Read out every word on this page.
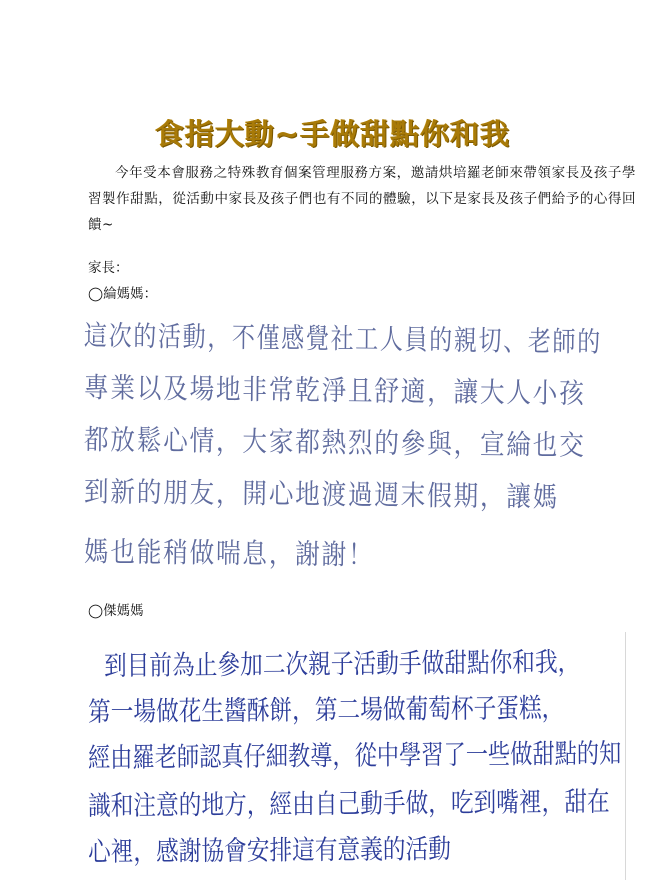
食指大動~手做甜點你和我
今年受本會服務之特殊教育個案管理服務方案，邀請烘培羅老師來帶領家長及孩子學習製作甜點，從活動中家長及孩子們也有不同的體驗，以下是家長及孩子們給予的心得回饋~
家長：
◯綸媽媽：
這次的活動，不僅感覺社工人員的親切、老師的
專業以及場地非常乾淨且舒適，讓大人小孩
都放鬆心情，大家都熱烈的參與，宣綸也交
到新的朋友，開心地渡過週末假期，讓媽
媽也能稍做喘息，謝謝！
◯傑媽媽
到目前為止參加二次親子活動手做甜點你和我，
第一場做花生醬酥餅，第二場做葡萄杯子蛋糕，
經由羅老師認真仔細教導，從中學習了一些做甜點的知
識和注意的地方，經由自己動手做，吃到嘴裡，甜在
心裡，感謝協會安排這有意義的活動
